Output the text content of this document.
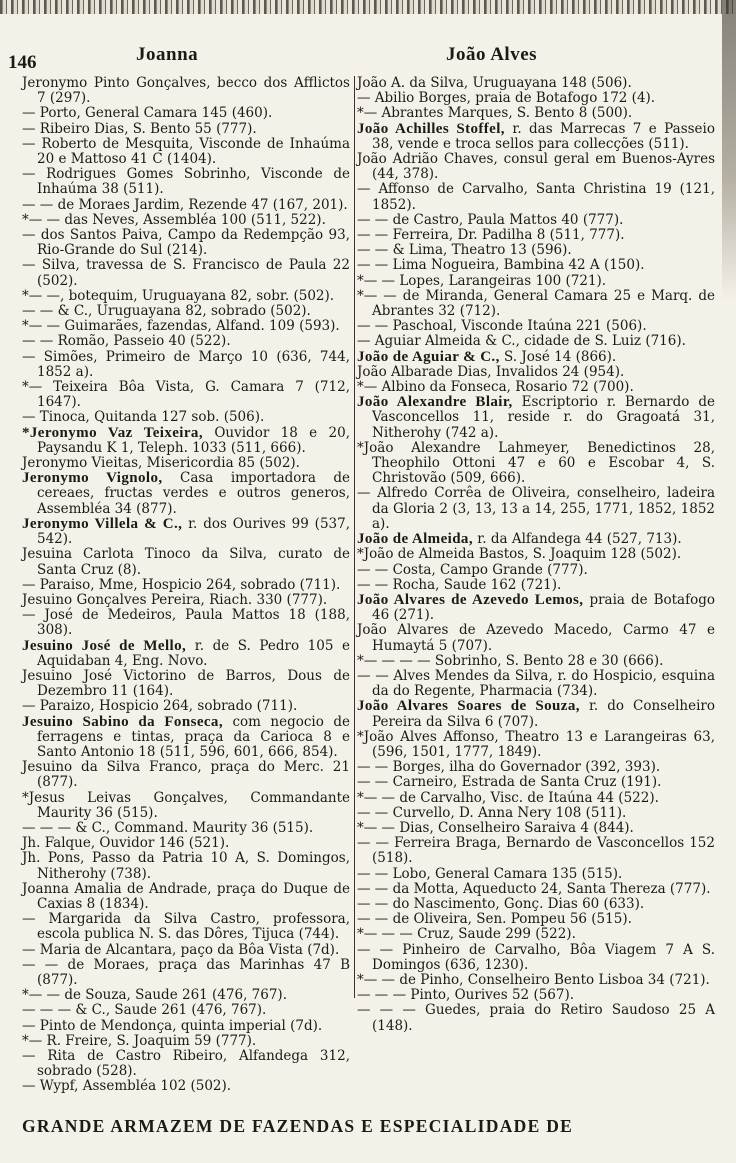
146	Joanna	João Alves

Jeronymo Pinto Gonçalves, becco dos Afflictos 7 (297).

— Porto, General Camara 145 (460).

— Ribeiro Dias, S. Bento 55 (777).

— Roberto de Mesquita, Visconde de Inhaúma 20 e Mattoso 41 C (1404).

— Rodrigues Gomes Sobrinho, Visconde de Inhaúma 38 (511).

— — de Moraes Jardim, Rezende 47 (167, 201).

*— — das Neves, Assembléa 100 (511, 522).

— dos Santos Paiva, Campo da Redempção 93, Rio-Grande do Sul (214).

— Silva, travessa de S. Francisco de Paula 22 (502).

*— —, botequim, Uruguayana 82, sobr. (502).

— — & C., Uruguayana 82, sobrado (502).

*— — Guimarães, fazendas, Alfand. 109 (593).

— — Romão, Passeio 40 (522).

— Simões, Primeiro de Março 10 (636, 744, 1852 a).

*— Teixeira Bôa Vista, G. Camara 7 (712, 1647).

— Tinoca, Quitanda 127 sob. (506).

*Jeronymo Vaz Teixeira, Ouvidor 18 e 20, Paysandu K 1, Teleph. 1033 (511, 666).

Jeronymo Vieitas, Misericordia 85 (502).

Jeronymo Vignolo, Casa importadora de cereaes, fructas verdes e outros generos, Assembléa 34 (877).

Jeronymo Villela & C., r. dos Ourives 99 (537, 542).

Jesuina Carlota Tinoco da Silva, curato de Santa Cruz (8).

— Paraiso, Mme, Hospicio 264, sobrado (711).

Jesuino Gonçalves Pereira, Riach. 330 (777).

— José de Medeiros, Paula Mattos 18 (188, 308).

Jesuino José de Mello, r. de S. Pedro 105 e Aquidaban 4, Eng. Novo.

Jesuino José Victorino de Barros, Dous de Dezembro 11 (164).

— Paraizo, Hospicio 264, sobrado (711).

Jesuino Sabino da Fonseca, com negocio de ferragens e tintas, praça da Carioca 8 e Santo Antonio 18 (511, 596, 601, 666, 854).

Jesuino da Silva Franco, praça do Merc. 21 (877).

*Jesus Leivas Gonçalves, Commandante Maurity 36 (515).

— — — & C., Command. Maurity 36 (515).

Jh. Falque, Ouvidor 146 (521).

Jh. Pons, Passo da Patria 10 A, S. Domingos, Nitherohy (738).

Joanna Amalia de Andrade, praça do Duque de Caxias 8 (1834).

— Margarida da Silva Castro, professora, escola publica N. S. das Dôres, Tijuca (744).

— Maria de Alcantara, paço da Bôa Vista (7d).

— — de Moraes, praça das Marinhas 47 B (877).

*— — de Souza, Saude 261 (476, 767).

— — — & C., Saude 261 (476, 767).

— Pinto de Mendonça, quinta imperial (7d).

*— R. Freire, S. Joaquim 59 (777).

— Rita de Castro Ribeiro, Alfandega 312, sobrado (528).

— Wypf, Assembléa 102 (502).

João A. da Silva, Uruguayana 148 (506).

— Abilio Borges, praia de Botafogo 172 (4).

*— Abrantes Marques, S. Bento 8 (500).

João Achilles Stoffel, r. das Marrecas 7 e Passeio 38, vende e troca sellos para collecções (511).

João Adrião Chaves, consul geral em Buenos-Ayres (44, 378).

— Affonso de Carvalho, Santa Christina 19 (121, 1852).

— — de Castro, Paula Mattos 40 (777).

— — Ferreira, Dr. Padilha 8 (511, 777).

— — & Lima, Theatro 13 (596).

— — Lima Nogueira, Bambina 42 A (150).

*— — Lopes, Larangeiras 100 (721).

*— — de Miranda, General Camara 25 e Marq. de Abrantes 32 (712).

— — Paschoal, Visconde Itaúna 221 (506).

— Aguiar Almeida & C., cidade de S. Luiz (716).

João de Aguiar & C., S. José 14 (866).

João Albarade Dias, Invalidos 24 (954).

*— Albino da Fonseca, Rosario 72 (700).

João Alexandre Blair, Escriptorio r. Bernardo de Vasconcellos 11, reside r. do Gragoatá 31, Nitherohy (742 a).

*João Alexandre Lahmeyer, Benedictinos 28, Theophilo Ottoni 47 e 60 e Escobar 4, S. Christovão (509, 666).

— Alfredo Corrêa de Oliveira, conselheiro, ladeira da Gloria 2 (3, 13, 13 a 14, 255, 1771, 1852, 1852 a).

João de Almeida, r. da Alfandega 44 (527, 713).

*João de Almeida Bastos, S. Joaquim 128 (502).

— — Costa, Campo Grande (777).

— — Rocha, Saude 162 (721).

João Alvares de Azevedo Lemos, praia de Botafogo 46 (271).

João Alvares de Azevedo Macedo, Carmo 47 e Humaytá 5 (707).

*— — — — Sobrinho, S. Bento 28 e 30 (666).

— — Alves Mendes da Silva, r. do Hospicio, esquina da do Regente, Pharmacia (734).

João Alvares Soares de Souza, r. do Conselheiro Pereira da Silva 6 (707).

*João Alves Affonso, Theatro 13 e Larangeiras 63, (596, 1501, 1777, 1849).

— — Borges, ilha do Governador (392, 393).

— — Carneiro, Estrada de Santa Cruz (191).

*— — de Carvalho, Visc. de Itaúna 44 (522).

— — Curvello, D. Anna Nery 108 (511).

*— — Dias, Conselheiro Saraiva 4 (844).

— — Ferreira Braga, Bernardo de Vasconcellos 152 (518).

— — Lobo, General Camara 135 (515).

— — da Motta, Aqueducto 24, Santa Thereza (777).

— — do Nascimento, Gonç. Dias 60 (633).

— — de Oliveira, Sen. Pompeu 56 (515).

*— — — Cruz, Saude 299 (522).

— — Pinheiro de Carvalho, Bôa Viagem 7 A S. Domingos (636, 1230).

*— — de Pinho, Conselheiro Bento Lisboa 34 (721).

— — — Pinto, Ourives 52 (567).

— — — Guedes, praia do Retiro Saudoso 25 A (148).

GRANDE ARMAZEM DE FAZENDAS E ESPECIALIDADE DE
